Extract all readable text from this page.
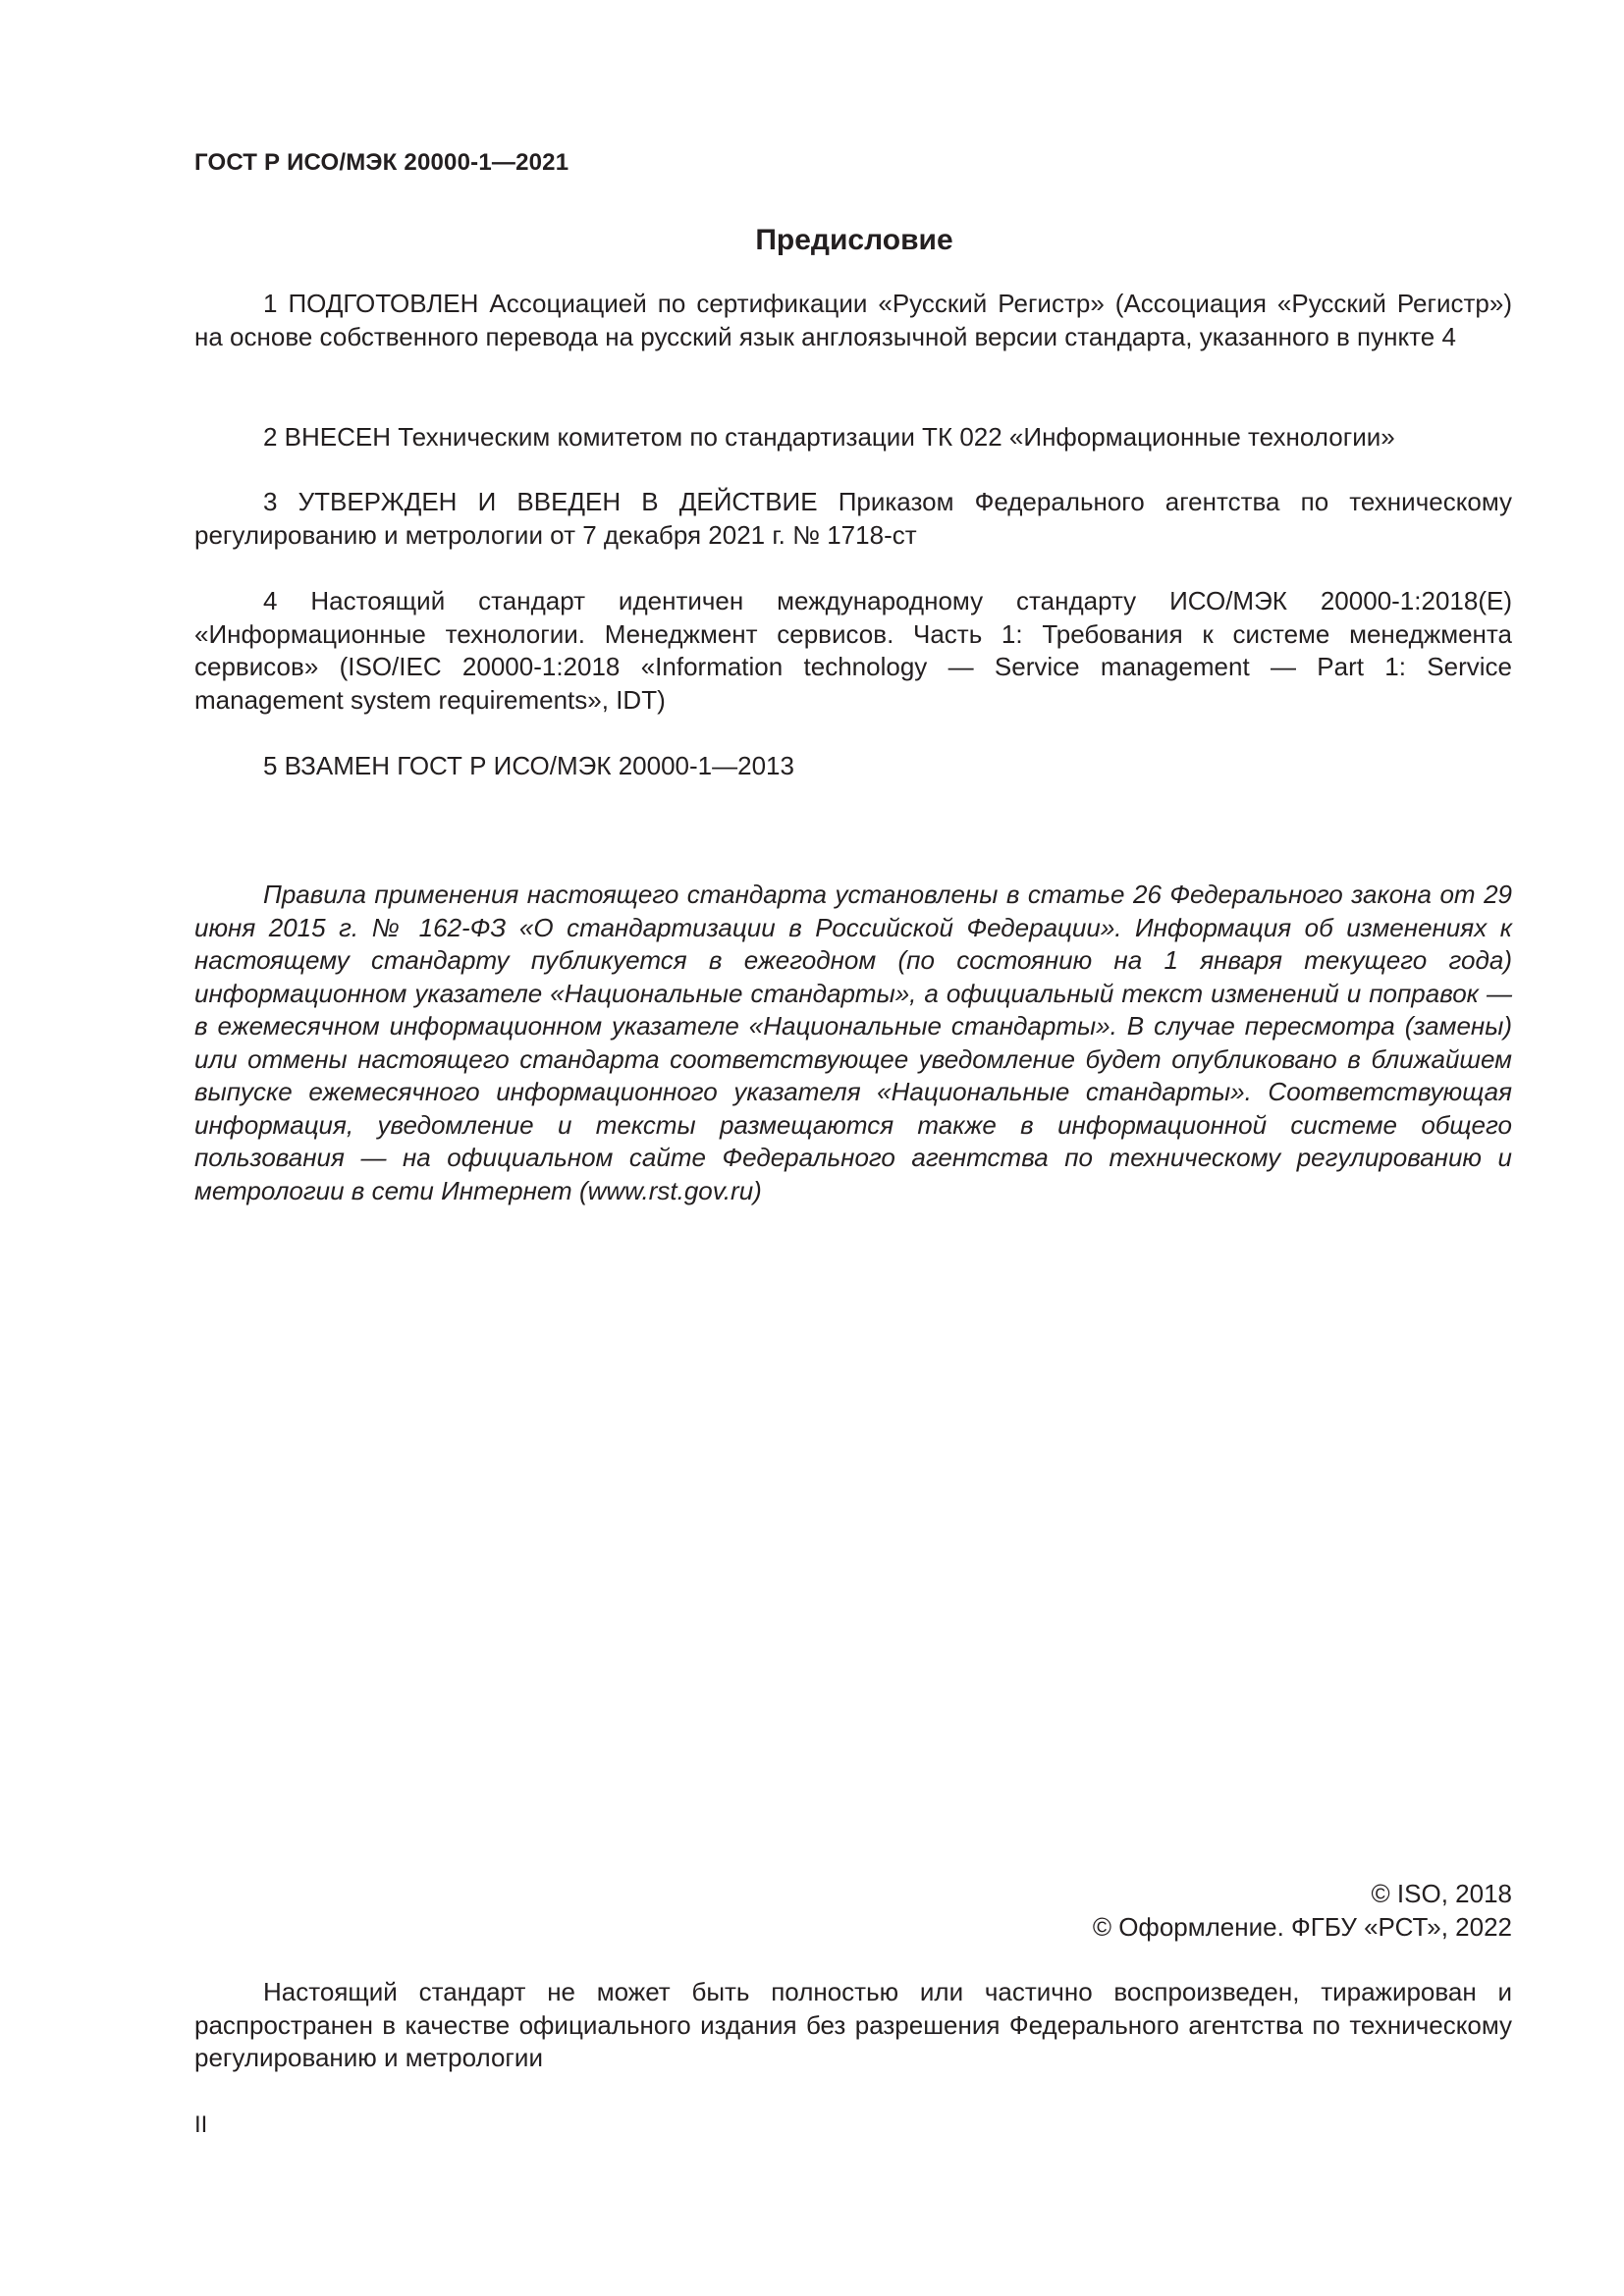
ГОСТ Р ИСО/МЭК 20000-1—2021
Предисловие

1 ПОДГОТОВЛЕН Ассоциацией по сертификации «Русский Регистр» (Ассоциация «Русский Регистр») на основе собственного перевода на русский язык англоязычной версии стандарта, указанного в пункте 4

2 ВНЕСЕН Техническим комитетом по стандартизации ТК 022 «Информационные технологии»

3 УТВЕРЖДЕН И ВВЕДЕН В ДЕЙСТВИЕ Приказом Федерального агентства по техническому регулированию и метрологии от 7 декабря 2021 г. № 1718-ст

4 Настоящий стандарт идентичен международному стандарту ИСО/МЭК 20000-1:2018(E) «Информационные технологии. Менеджмент сервисов. Часть 1: Требования к системе менеджмента сервисов» (ISO/IEC 20000-1:2018 «Information technology — Service management — Part 1: Service management system requirements», IDT)

5 ВЗАМЕН ГОСТ Р ИСО/МЭК 20000-1—2013

Правила применения настоящего стандарта установлены в статье 26 Федерального закона от 29 июня 2015 г. № 162-ФЗ «О стандартизации в Российской Федерации». Информация об изменениях к настоящему стандарту публикуется в ежегодном (по состоянию на 1 января текущего года) информационном указателе «Национальные стандарты», а официальный текст изменений и поправок — в ежемесячном информационном указателе «Национальные стандарты». В случае пересмотра (замены) или отмены настоящего стандарта соответствующее уведомление будет опубликовано в ближайшем выпуске ежемесячного информационного указателя «Национальные стандарты». Соответствующая информация, уведомление и тексты размещаются также в информационной системе общего пользования — на официальном сайте Федерального агентства по техническому регулированию и метрологии в сети Интернет (www.rst.gov.ru)

© ISO, 2018
© Оформление. ФГБУ «РСТ», 2022

Настоящий стандарт не может быть полностью или частично воспроизведен, тиражирован и распространен в качестве официального издания без разрешения Федерального агентства по техническому регулированию и метрологии

II
